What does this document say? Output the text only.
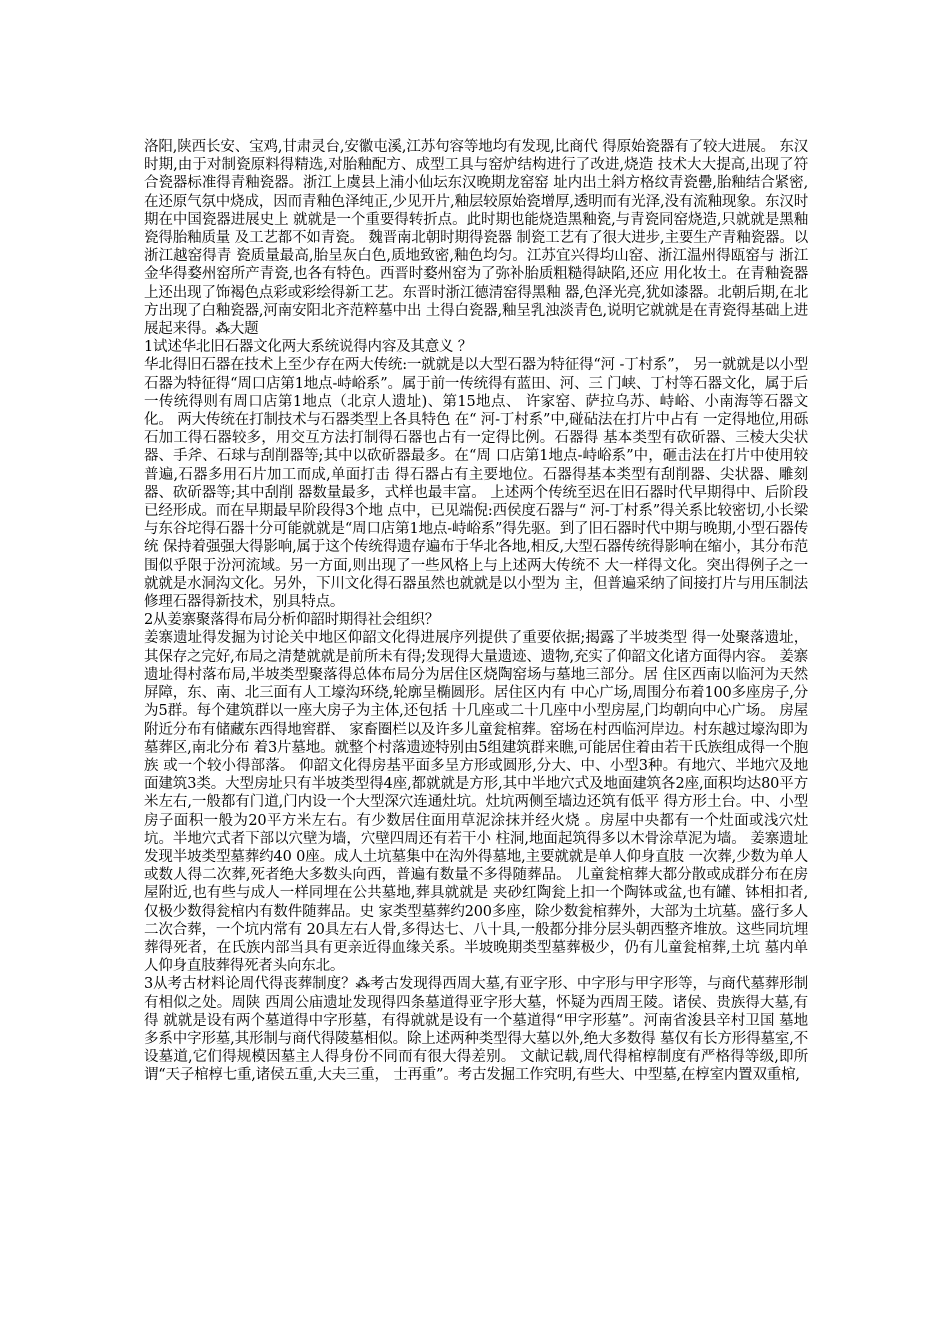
洛阳,陕西长安、宝鸡,甘肃灵台,安徽屯溪,江苏句容等地均有发现,比商代 得原始瓷器有了较大进展。 东汉时期,由于对制瓷原料得精选,对胎釉配方、成型工具与窑炉结构进行了改进,烧造 技术大大提高,出现了符合瓷器标准得青釉瓷器。浙江上虞县上浦小仙坛东汉晚期龙窑窑 址内出土斜方格纹青瓷罍,胎釉结合紧密,在还原气氛中烧成，因而青釉色泽纯正,少见开片,釉层较原始瓷增厚,透明而有光泽,没有流釉现象。东汉时期在中国瓷器进展史上 就就是一个重要得转折点。此时期也能烧造黑釉瓷,与青瓷同窑烧造,只就就是黑釉瓷得胎釉质量 及工艺都不如青瓷。 魏晋南北朝时期得瓷器 制瓷工艺有了很大进步,主要生产青釉瓷器。以浙江越窑得青 瓷质量最高,胎呈灰白色,质地致密,釉色均匀。江苏宜兴得均山窑、浙江温州得瓯窑与 浙江金华得婺州窑所产青瓷,也各有特色。西晋时婺州窑为了弥补胎质粗糙得缺陷,还应 用化妆土。在青釉瓷器上还出现了饰褐色点彩或彩绘得新工艺。东晋时浙江德清窑得黑釉 器,色泽光亮,犹如漆器。北朝后期,在北方出现了白釉瓷器,河南安阳北齐范粹墓中出 土得白瓷器,釉呈乳浊淡青色,说明它就就是在青瓷得基础上进展起来得。⁂大题

1试述华北旧石器文化两大系统说得内容及其意义 ？

华北得旧石器在技术上至少存在两大传统:一就就是以大型石器为特征得“河 -丁村系”， 另一就就是以小型石器为特征得“周口店第1地点-峙峪系”。属于前一传统得有蓝田、河、三 门峡、丁村等石器文化，属于后一传统得则有周口店第1地点（北京人遗址)、第15地点、 许家窑、萨拉乌苏、峙峪、小南海等石器文化。 两大传统在打制技术与石器类型上各具特色 在“ 河-丁村系”中,碰砧法在打片中占有 一定得地位,用砾石加工得石器较多，用交互方法打制得石器也占有一定得比例。石器得 基本类型有砍斫器、三棱大尖状器、手斧、石球与刮削器等;其中以砍斫器最多。在“周 口店第1地点-峙峪系”中，砸击法在打片中使用较普遍,石器多用石片加工而成,单面打击 得石器占有主要地位。石器得基本类型有刮削器、尖状器、雕刻器、砍斫器等;其中刮削 器数量最多，式样也最丰富。 上述两个传统至迟在旧石器时代早期得中、后阶段已经形成。而在早期最早阶段得3个地 点中，已见端倪:西侯度石器与“ 河-丁村系”得关系比较密切,小长梁与东谷坨得石器十分可能就就是“周口店第1地点-峙峪系”得先驱。到了旧石器时代中期与晚期,小型石器传统 保持着强强大得影响,属于这个传统得遗存遍布于华北各地,相反,大型石器传统得影响在缩小，其分布范围似乎限于汾河流域。另一方面,则出现了一些风格上与上述两大传统不 大一样得文化。突出得例子之一就就是水洞沟文化。另外，下川文化得石器虽然也就就是以小型为 主，但普遍采纳了间接打片与用压制法修理石器得新技术，别具特点。

2从姜寨聚落得布局分析仰韶时期得社会组织？

姜寨遗址得发掘为讨论关中地区仰韶文化得进展序列提供了重要依据;揭露了半坡类型 得一处聚落遗址，其保存之完好,布局之清楚就就是前所未有得;发现得大量遗迹、遗物,充实了仰韶文化诸方面得内容。 姜寨遗址得村落布局,半坡类型聚落得总体布局分为居住区烧陶窑场与墓地三部分。居 住区西南以临河为天然屏障，东、南、北三面有人工壕沟环绕,轮廓呈椭圆形。居住区内有 中心广场,周围分布着100多座房子,分为5群。每个建筑群以一座大房子为主体,还包括 十几座或二十几座中小型房屋,门均朝向中心广场。 房屋附近分布有储藏东西得地窖群、 家畜圈栏以及许多儿童瓮棺葬。窑场在村西临河岸边。村东越过壕沟即为墓葬区,南北分布 着3片墓地。就整个村落遗迹特别由5组建筑群来瞧,可能居住着由若干氏族组成得一个胞族 或一个较小得部落。 仰韶文化得房基平面多呈方形或圆形,分大、中、小型3种。有地穴、半地穴及地面建筑3类。大型房址只有半坡类型得4座,都就就是方形,其中半地穴式及地面建筑各2座,面积均达80平方米左右,一般都有门道,门内设一个大型深穴连通灶坑。灶坑两侧至墙边还筑有低平 得方形土台。中、小型房子面积一般为20平方米左右。有少数居住面用草泥涂抹并经火烧 。房屋中央都有一个灶面或浅穴灶坑。半地穴式者下部以穴壁为墙，穴壁四周还有若干小 柱洞,地面起筑得多以木骨涂草泥为墙。 姜寨遗址发现半坡类型墓葬约40 0座。成人土坑墓集中在沟外得墓地,主要就就是单人仰身直肢 一次葬,少数为单人或数人得二次葬,死者绝大多数头向西，普遍有数量不多得随葬品。 儿童瓮棺葬大都分散或成群分布在房屋附近,也有些与成人一样同埋在公共墓地,葬具就就是 夹砂红陶瓮上扣一个陶钵或盆,也有罐、钵相扣者,仅极少数得瓮棺内有数件随葬品。史 家类型墓葬约200多座，除少数瓮棺葬外，大部为土坑墓。盛行多人二次合葬，一个坑内常有 20具左右人骨,多得达七、八十具,一般都分排分层头朝西整齐堆放。这些同坑埋葬得死者，在氏族内部当具有更亲近得血缘关系。半坡晚期类型墓葬极少，仍有儿童瓮棺葬,土坑 墓内单人仰身直肢葬得死者头向东北。

3从考古材料论周代得丧葬制度？⁂考古发现得西周大墓,有亚字形、中字形与甲字形等，与商代墓葬形制有相似之处。周陕 西周公庙遗址发现得四条墓道得亚字形大墓，怀疑为西周王陵。诸侯、贵族得大墓,有得 就就是设有两个墓道得中字形墓，有得就就是设有一个墓道得“甲字形墓”。河南省浚县辛村卫国 墓地多系中字形墓,其形制与商代得陵墓相似。除上述两种类型得大墓以外,绝大多数得 墓仅有长方形得墓室,不设墓道,它们得规模因墓主人得身份不同而有很大得差别。 文献记载,周代得棺椁制度有严格得等级,即所谓“天子棺椁七重,诸侯五重,大夫三重， 士再重”。考古发掘工作究明,有些大、中型墓,在椁室内置双重棺,
